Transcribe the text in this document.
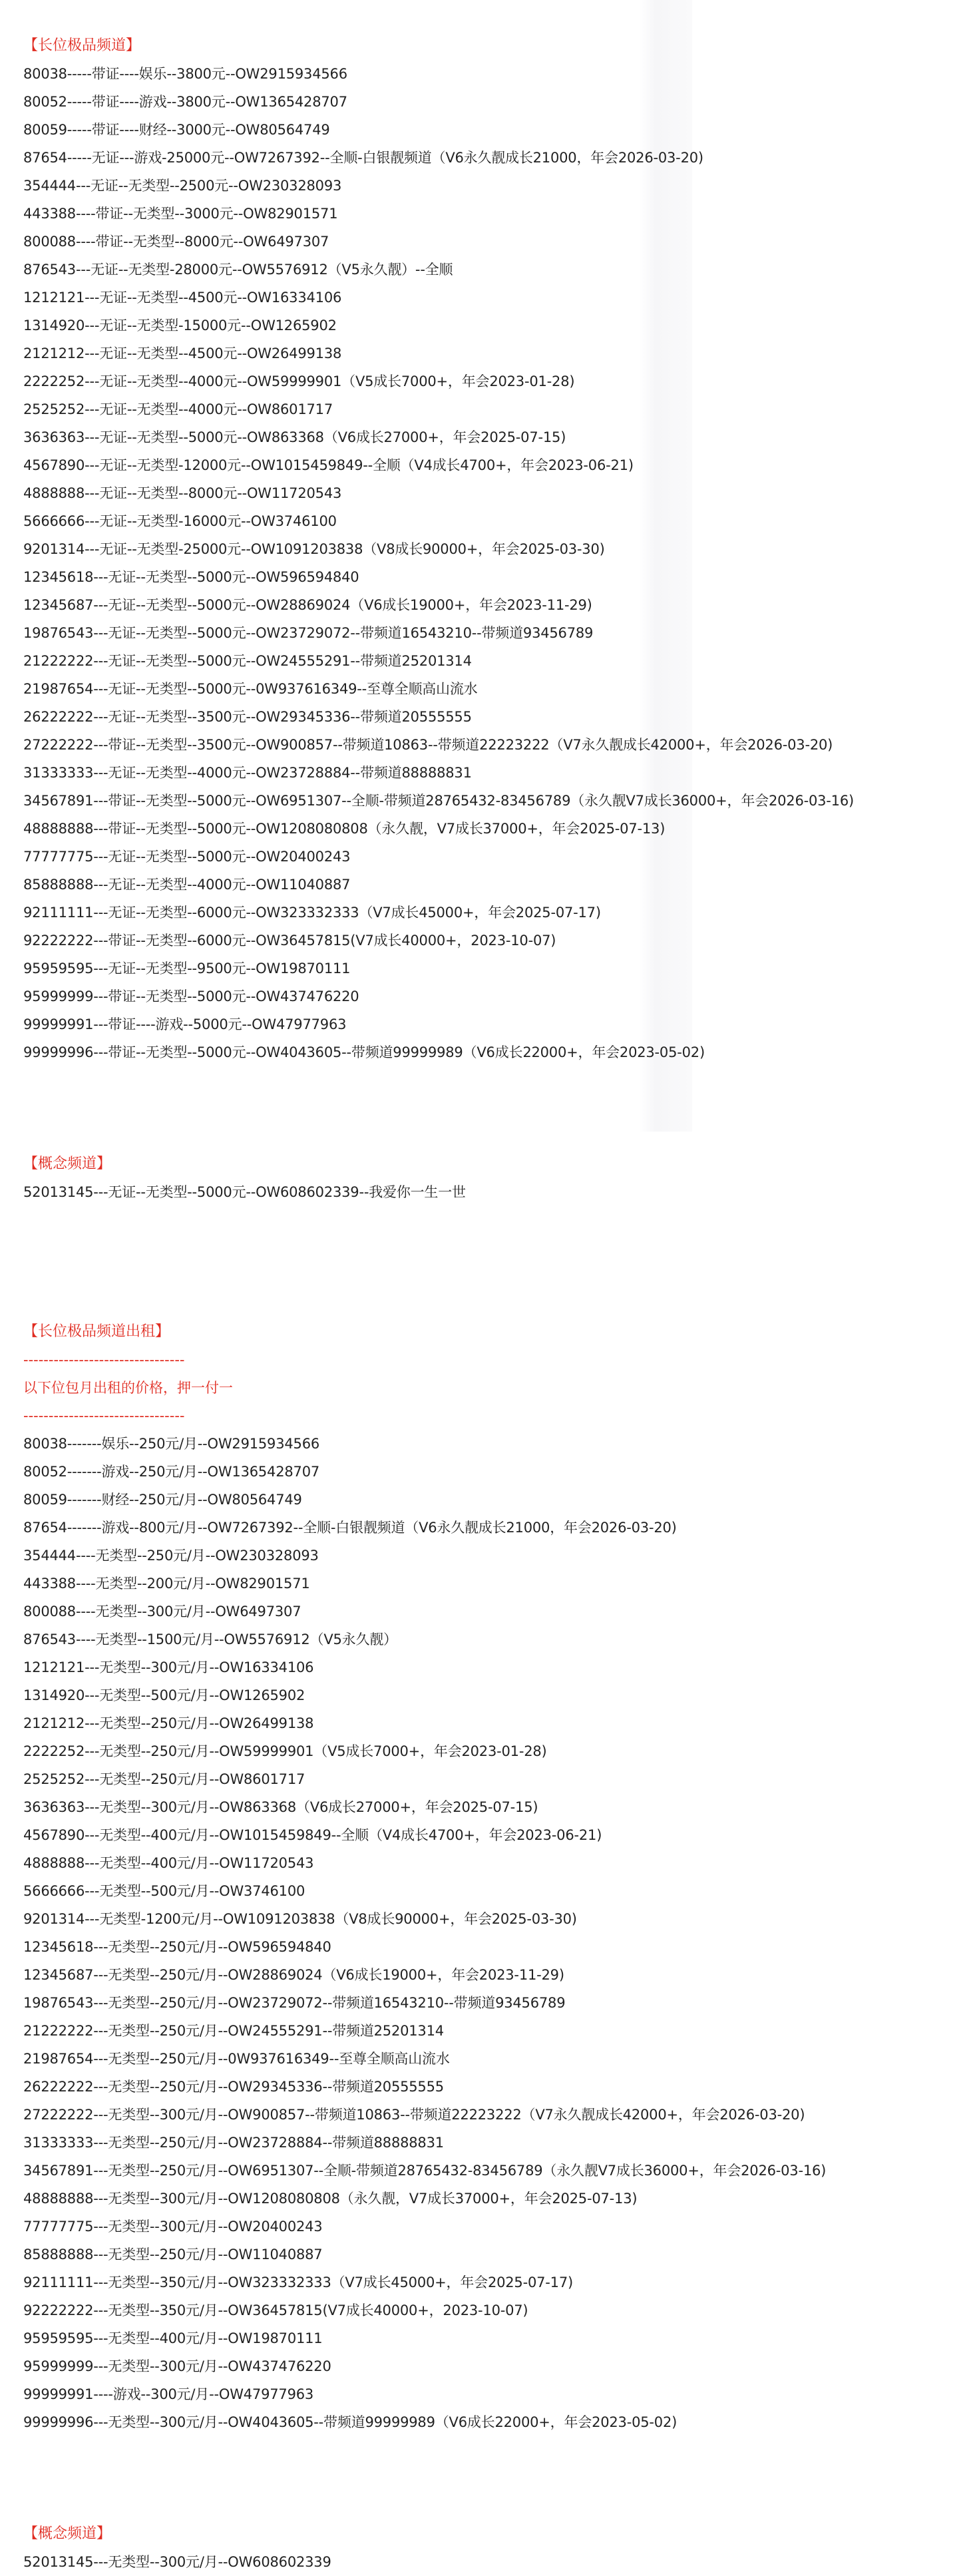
【长位极品频道】
80038-----带证----娱乐--3800元--OW2915934566
80052-----带证----游戏--3800元--OW1365428707
80059-----带证----财经--3000元--OW80564749
87654-----无证---游戏-25000元--OW7267392--全顺-白银靓频道（V6永久靓成长21000，年会2026-03-20)
354444---无证--无类型--2500元--OW230328093
443388----带证--无类型--3000元--OW82901571
800088----带证--无类型--8000元--OW6497307
876543---无证--无类型-28000元--OW5576912（V5永久靓）--全顺
1212121---无证--无类型--4500元--OW16334106
1314920---无证--无类型-15000元--OW1265902
2121212---无证--无类型--4500元--OW26499138
2222252---无证--无类型--4000元--OW59999901（V5成长7000+，年会2023-01-28)
2525252---无证--无类型--4000元--OW8601717
3636363---无证--无类型--5000元--OW863368（V6成长27000+，年会2025-07-15)
4567890---无证--无类型-12000元--OW1015459849--全顺（V4成长4700+，年会2023-06-21)
4888888---无证--无类型--8000元--OW11720543
5666666---无证--无类型-16000元--OW3746100
9201314---无证--无类型-25000元--OW1091203838（V8成长90000+，年会2025-03-30)
12345618---无证--无类型--5000元--OW596594840
12345687---无证--无类型--5000元--OW28869024（V6成长19000+，年会2023-11-29)
19876543---无证--无类型--5000元--OW23729072--带频道16543210--带频道93456789
21222222---无证--无类型--5000元--OW24555291--带频道25201314
21987654---无证--无类型--5000元--0W937616349--至尊全顺高山流水
26222222---无证--无类型--3500元--OW29345336--带频道20555555
27222222---带证--无类型--3500元--OW900857--带频道10863--带频道22223222（V7永久靓成长42000+，年会2026-03-20)
31333333---无证--无类型--4000元--OW23728884--带频道88888831
34567891---带证--无类型--5000元--OW6951307--全顺-带频道28765432-83456789（永久靓V7成长36000+，年会2026-03-16)
48888888---带证--无类型--5000元--OW1208080808（永久靓，V7成长37000+，年会2025-07-13)
77777775---无证--无类型--5000元--OW20400243
85888888---无证--无类型--4000元--OW11040887
92111111---无证--无类型--6000元--OW323332333（V7成长45000+，年会2025-07-17)
92222222---带证--无类型--6000元--OW36457815(V7成长40000+，2023-10-07)
95959595---无证--无类型--9500元--OW19870111
95999999---带证--无类型--5000元--OW437476220
99999991---带证----游戏--5000元--OW47977963
99999996---带证--无类型--5000元--OW4043605--带频道99999989（V6成长22000+，年会2023-05-02)
【概念频道】
52013145---无证--无类型--5000元--OW608602339--我爱你一生一世
【长位极品频道出租】
--------------------------------
以下位包月出租的价格，押一付一
--------------------------------
80038-------娱乐--250元/月--OW2915934566
80052-------游戏--250元/月--OW1365428707
80059-------财经--250元/月--OW80564749
87654-------游戏--800元/月--OW7267392--全顺-白银靓频道（V6永久靓成长21000，年会2026-03-20)
354444----无类型--250元/月--OW230328093
443388----无类型--200元/月--OW82901571
800088----无类型--300元/月--OW6497307
876543----无类型--1500元/月--OW5576912（V5永久靓）
1212121---无类型--300元/月--OW16334106
1314920---无类型--500元/月--OW1265902
2121212---无类型--250元/月--OW26499138
2222252---无类型--250元/月--OW59999901（V5成长7000+，年会2023-01-28)
2525252---无类型--250元/月--OW8601717
3636363---无类型--300元/月--OW863368（V6成长27000+，年会2025-07-15)
4567890---无类型--400元/月--OW1015459849--全顺（V4成长4700+，年会2023-06-21)
4888888---无类型--400元/月--OW11720543
5666666---无类型--500元/月--OW3746100
9201314---无类型-1200元/月--OW1091203838（V8成长90000+，年会2025-03-30)
12345618---无类型--250元/月--OW596594840
12345687---无类型--250元/月--OW28869024（V6成长19000+，年会2023-11-29)
19876543---无类型--250元/月--OW23729072--带频道16543210--带频道93456789
21222222---无类型--250元/月--OW24555291--带频道25201314
21987654---无类型--250元/月--0W937616349--至尊全顺高山流水
26222222---无类型--250元/月--OW29345336--带频道20555555
27222222---无类型--300元/月--OW900857--带频道10863--带频道22223222（V7永久靓成长42000+，年会2026-03-20)
31333333---无类型--250元/月--OW23728884--带频道88888831
34567891---无类型--250元/月--OW6951307--全顺-带频道28765432-83456789（永久靓V7成长36000+，年会2026-03-16)
48888888---无类型--300元/月--OW1208080808（永久靓，V7成长37000+，年会2025-07-13)
77777775---无类型--300元/月--OW20400243
85888888---无类型--250元/月--OW11040887
92111111---无类型--350元/月--OW323332333（V7成长45000+，年会2025-07-17)
92222222---无类型--350元/月--OW36457815(V7成长40000+，2023-10-07)
95959595---无类型--400元/月--OW19870111
95999999---无类型--300元/月--OW437476220
99999991----游戏--300元/月--OW47977963
99999996---无类型--300元/月--OW4043605--带频道99999989（V6成长22000+，年会2023-05-02)
【概念频道】
52013145---无类型--300元/月--OW608602339
